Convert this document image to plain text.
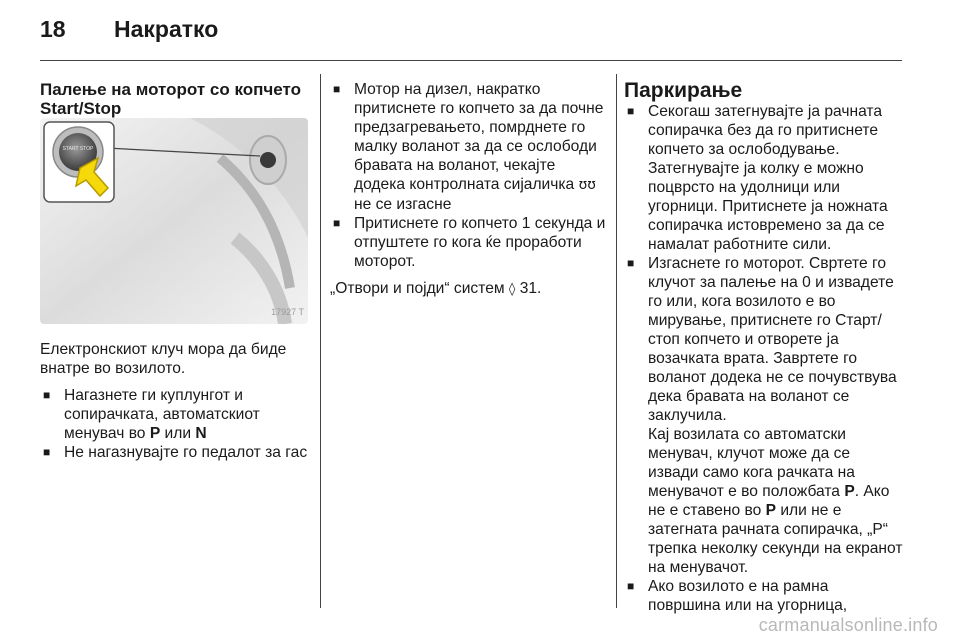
18	Накратко

Палење на моторот со копчето Start/Stop

START STOP
17927 T

Електронскиот клуч мора да биде внатре во возилото.

■ Нагазнете ги куплунгот и сопирачката, автоматскиот менувач во P или N

■ Не нагазнувајте го педалот за гас

■ Мотор на дизел, накратко притиснете го копчето за да почне предзагревањето, помрднете го малку воланот за да се ослободи бравата на воланот, чекајте додека контролната сијаличка ʊʊ не се изгасне

■ Притиснете го копчето 1 секунда и отпуштете го кога ќе проработи моторот.

„Отвори и појди“ систем ◊ 31.

Паркирање

■ Секогаш затегнувајте ја рачната сопирачка без да го притиснете копчето за ослободување. Затегнувајте ја колку е можно поцврсто на удолници или угорници. Притиснете ја ножната сопирачка истовремено за да се намалат работните сили.

■ Изгаснете го моторот. Свртете го клучот за палење на 0 и извадете го или, кога возилото е во мирување, притиснете го Старт/стоп копчето и отворете ја возачката врата. Завртете го воланот додека не се почувствува дека бравата на воланот се заклучила.

Кај возилата со автоматски менувач, клучот може да се извади само кога рачката на менувачот е во положбата P. Ако не е ставено во P или не е затегната рачната сопирачка, „P“ трепка неколку секунди на екранот на менувачот.

■ Ако возилото е на рамна површина или на угорница,

carmanualsonline.info
